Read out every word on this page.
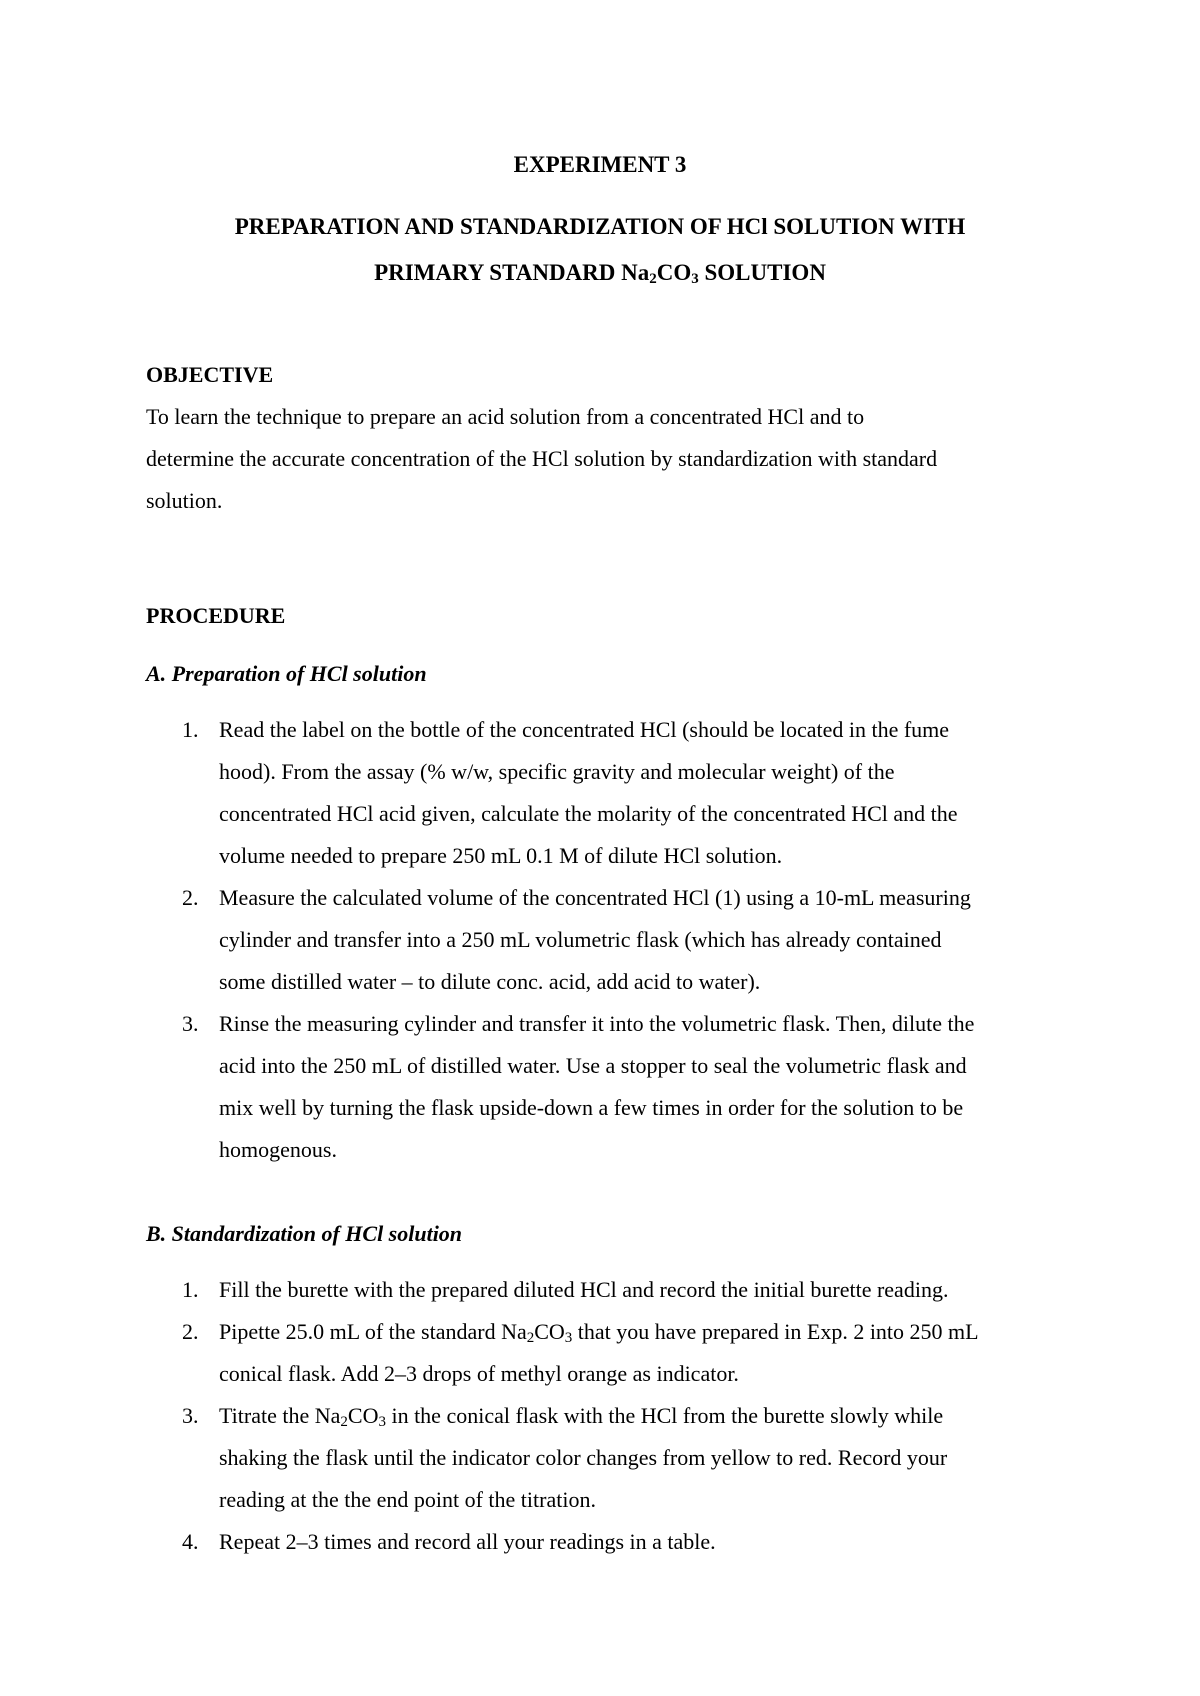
EXPERIMENT 3
PREPARATION AND STANDARDIZATION OF HCl SOLUTION WITH
PRIMARY STANDARD Na2CO3 SOLUTION
OBJECTIVE
To learn the technique to prepare an acid solution from a concentrated HCl and to
determine the accurate concentration of the HCl solution by standardization with standard
solution.
PROCEDURE
A. Preparation of HCl solution
1. Read the label on the bottle of the concentrated HCl (should be located in the fume
hood). From the assay (% w/w, specific gravity and molecular weight) of the
concentrated HCl acid given, calculate the molarity of the concentrated HCl and the
volume needed to prepare 250 mL 0.1 M of dilute HCl solution.
2. Measure the calculated volume of the concentrated HCl (1) using a 10-mL measuring
cylinder and transfer into a 250 mL volumetric flask (which has already contained
some distilled water – to dilute conc. acid, add acid to water).
3. Rinse the measuring cylinder and transfer it into the volumetric flask. Then, dilute the
acid into the 250 mL of distilled water. Use a stopper to seal the volumetric flask and
mix well by turning the flask upside-down a few times in order for the solution to be
homogenous.
B. Standardization of HCl solution
1. Fill the burette with the prepared diluted HCl and record the initial burette reading.
2. Pipette 25.0 mL of the standard Na2CO3 that you have prepared in Exp. 2 into 250 mL
conical flask. Add 2–3 drops of methyl orange as indicator.
3. Titrate the Na2CO3 in the conical flask with the HCl from the burette slowly while
shaking the flask until the indicator color changes from yellow to red. Record your
reading at the the end point of the titration.
4. Repeat 2–3 times and record all your readings in a table.
